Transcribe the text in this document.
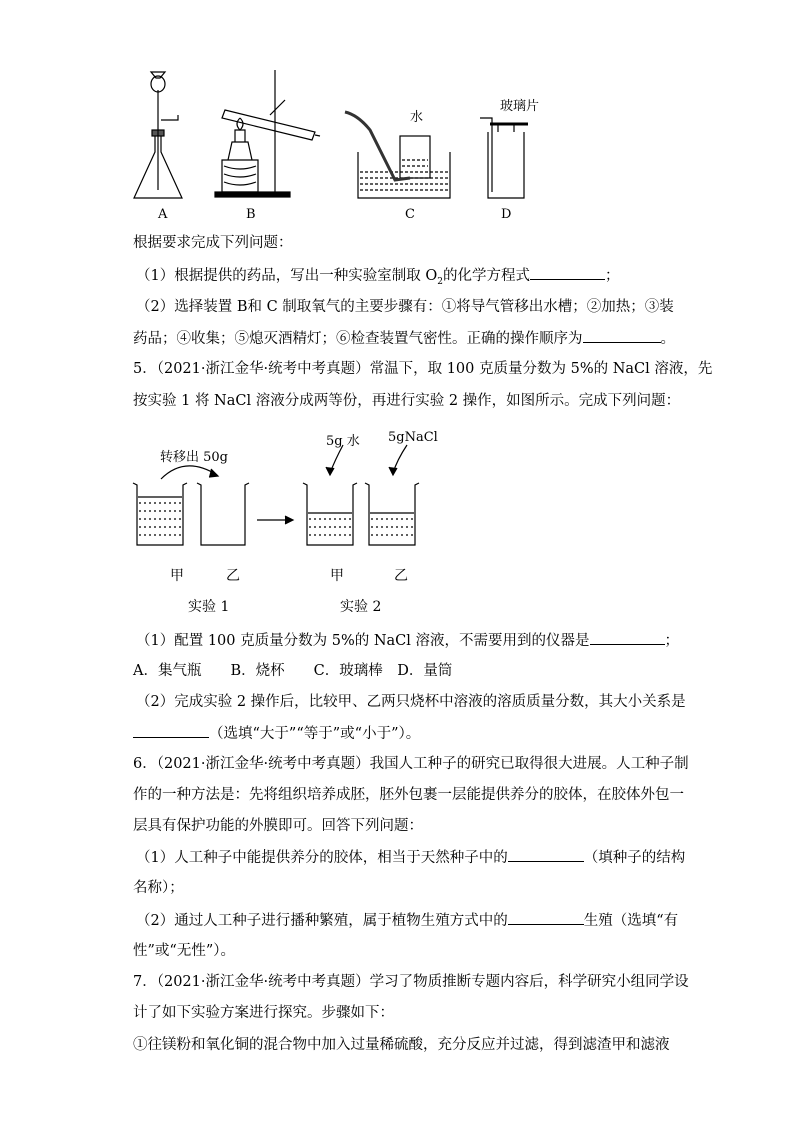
水
玻璃片
A	B	C	D
根据要求完成下列问题：
（1）根据提供的药品，写出一种实验室制取 $O_2$的化学方程式	；
（2）选择装置 B和 C 制取氧气的主要步骤有：①将导气管移出水槽；②加热；③装
药品；④收集；⑤熄灭酒精灯；⑥检查装置气密性。正确的操作顺序为	。
5．（2021·浙江金华·统考中考真题）常温下，取 100 克质量分数为 5%的 NaCl 溶液，先
按实验 1 将 NaCl 溶液分成两等份，再进行实验 2 操作，如图所示。完成下列问题：
转移出 50g
5g 水 5gNaCl
甲	乙	甲	乙
实验 1	实验 2
（1）配置 100 克质量分数为 5%的 NaCl 溶液，不需要用到的仪器是	；
A．集气瓶　　B．烧杯　　C．玻璃棒　D．量筒
（2）完成实验 2 操作后，比较甲、乙两只烧杯中溶液的溶质质量分数，其大小关系是
（选填“大于”“等于”或“小于”）。
6．（2021·浙江金华·统考中考真题）我国人工种子的研究已取得很大进展。人工种子制
作的一种方法是：先将组织培养成胚，胚外包裹一层能提供养分的胶体，在胶体外包一
层具有保护功能的外膜即可。回答下列问题：
（1）人工种子中能提供养分的胶体，相当于天然种子中的	（填种子的结构
名称）；
（2）通过人工种子进行播种繁殖，属于植物生殖方式中的	生殖（选填“有
性”或“无性”）。
7．（2021·浙江金华·统考中考真题）学习了物质推断专题内容后，科学研究小组同学设
计了如下实验方案进行探究。步骤如下：
①往镁粉和氧化铜的混合物中加入过量稀硫酸，充分反应并过滤，得到滤渣甲和滤液
